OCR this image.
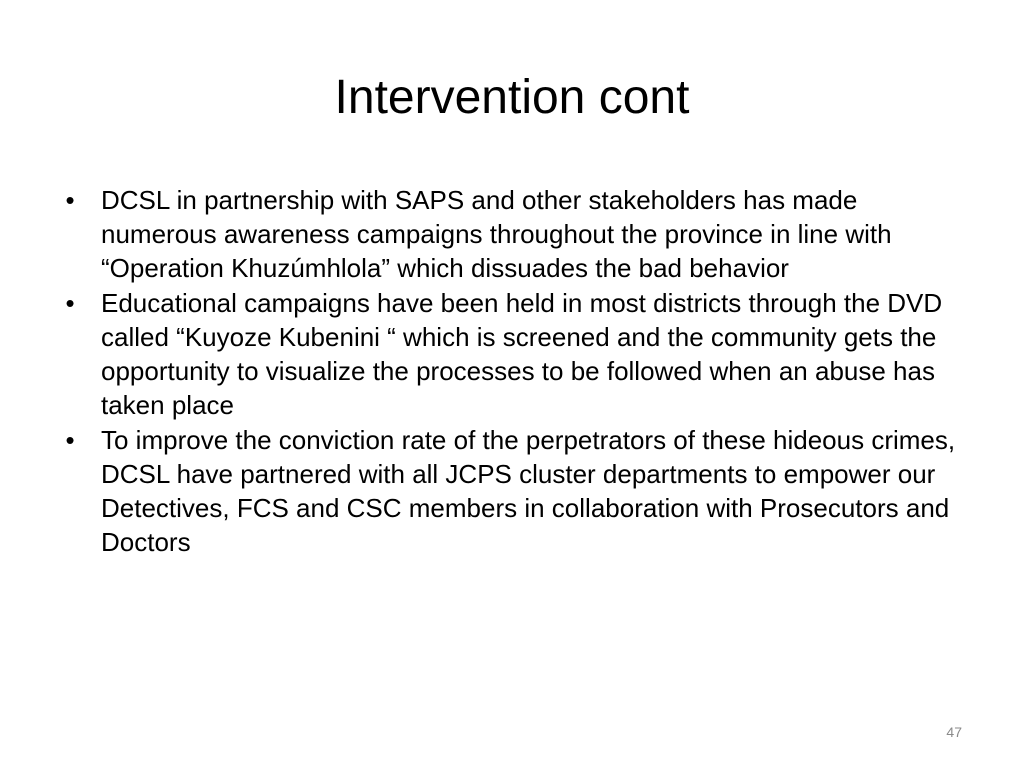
Intervention cont
• DCSL in partnership with SAPS and other stakeholders has made numerous awareness campaigns throughout the province in line with “Operation Khuzúmhlola” which dissuades the bad behavior
• Educational campaigns have been held in most districts through the DVD called “Kuyoze Kubenini “ which is screened and the community gets the opportunity to visualize the processes to be followed when an abuse has taken place
• To improve the conviction rate of the perpetrators of these hideous crimes, DCSL have partnered with all JCPS cluster departments to empower our Detectives, FCS and CSC members in collaboration with Prosecutors and Doctors
47
